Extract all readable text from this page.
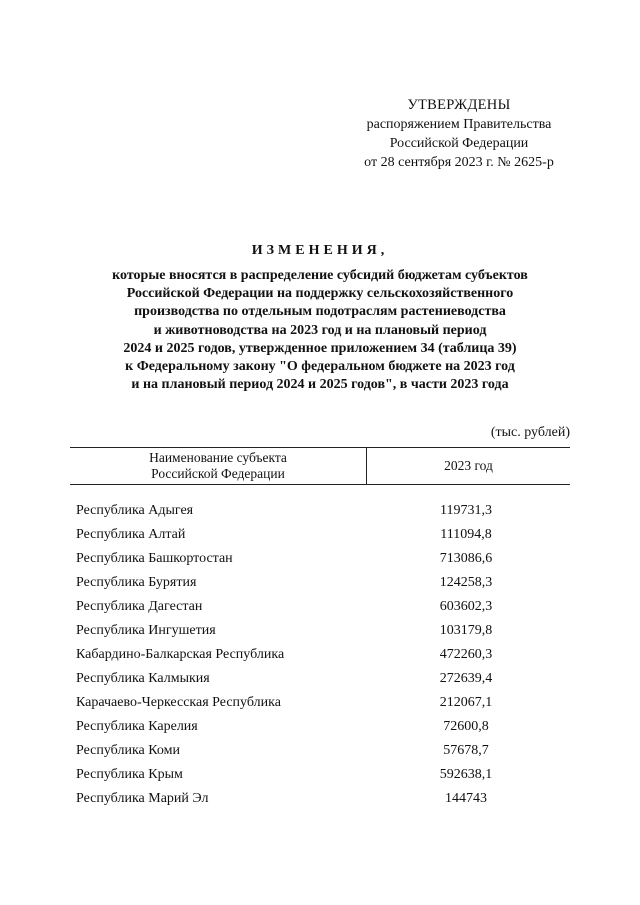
УТВЕРЖДЕНЫ
распоряжением Правительства
Российской Федерации
от 28 сентября 2023 г. № 2625-р
ИЗМЕНЕНИЯ,
которые вносятся в распределение субсидий бюджетам субъектов
Российской Федерации на поддержку сельскохозяйственного
производства по отдельным подотраслям растениеводства
и животноводства на 2023 год и на плановый период
2024 и 2025 годов, утвержденное приложением 34 (таблица 39)
к Федеральному закону "О федеральном бюджете на 2023 год
и на плановый период 2024 и 2025 годов", в части 2023 года
(тыс. рублей)
Наименование субъекта
Российской Федерации
2023 год
Республика Адыгея	119731,3
Республика Алтай	111094,8
Республика Башкортостан	713086,6
Республика Бурятия	124258,3
Республика Дагестан	603602,3
Республика Ингушетия	103179,8
Кабардино-Балкарская Республика	472260,3
Республика Калмыкия	272639,4
Карачаево-Черкесская Республика	212067,1
Республика Карелия	72600,8
Республика Коми	57678,7
Республика Крым	592638,1
Республика Марий Эл	144743
